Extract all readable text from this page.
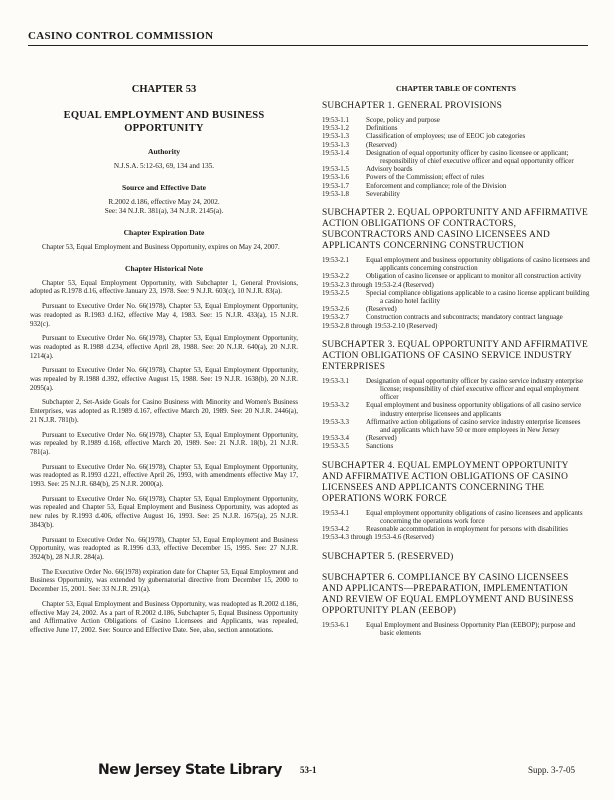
CASINO CONTROL COMMISSION
CHAPTER 53
EQUAL EMPLOYMENT AND BUSINESS
OPPORTUNITY
Authority
N.J.S.A. 5:12-63, 69, 134 and 135.
Source and Effective Date
R.2002 d.186, effective May 24, 2002.
See: 34 N.J.R. 381(a), 34 N.J.R. 2145(a).
Chapter Expiration Date

Chapter 53, Equal Employment and Business Opportunity, expires on May 24, 2007.

Chapter Historical Note

Chapter 53, Equal Employment Opportunity, with Subchapter 1, General Provisions, adopted as R.1978 d.16, effective January 23, 1978. See: 9 N.J.R. 603(c), 10 N.J.R. 83(a).

Pursuant to Executive Order No. 66(1978), Chapter 53, Equal Employment Opportunity, was readopted as R.1983 d.162, effective May 4, 1983. See: 15 N.J.R. 433(a), 15 N.J.R. 932(c).

Pursuant to Executive Order No. 66(1978), Chapter 53, Equal Employment Opportunity, was readopted as R.1988 d.234, effective April 28, 1988. See: 20 N.J.R. 640(a), 20 N.J.R. 1214(a).

Pursuant to Executive Order No. 66(1978), Chapter 53, Equal Employment Opportunity, was repealed by R.1988 d.392, effective August 15, 1988. See: 19 N.J.R. 1638(b), 20 N.J.R. 2095(a).

Subchapter 2, Set-Aside Goals for Casino Business with Minority and Women's Business Enterprises, was adopted as R.1989 d.167, effective March 20, 1989. See: 20 N.J.R. 2446(a), 21 N.J.R. 781(b).

Pursuant to Executive Order No. 66(1978), Chapter 53, Equal Employment Opportunity, was repealed by R.1989 d.168, effective March 20, 1989. See: 21 N.J.R. 18(b), 21 N.J.R. 781(a).

Pursuant to Executive Order No. 66(1978), Chapter 53, Equal Employment Opportunity, was readopted as R.1993 d.221, effective April 26, 1993, with amendments effective May 17, 1993. See: 25 N.J.R. 684(b), 25 N.J.R. 2000(a).

Pursuant to Executive Order No. 66(1978), Chapter 53, Equal Employment Opportunity, was repealed and Chapter 53, Equal Employment and Business Opportunity, was adopted as new rules by R.1993 d.406, effective August 16, 1993. See: 25 N.J.R. 1675(a), 25 N.J.R. 3843(b).

Pursuant to Executive Order No. 66(1978), Chapter 53, Equal Employment and Business Opportunity, was readopted as R.1996 d.33, effective December 15, 1995. See: 27 N.J.R. 3924(b), 28 N.J.R. 284(a).

The Executive Order No. 66(1978) expiration date for Chapter 53, Equal Employment and Business Opportunity, was extended by gubernatorial directive from December 15, 2000 to December 15, 2001. See: 33 N.J.R. 291(a).

Chapter 53, Equal Employment and Business Opportunity, was readopted as R.2002 d.186, effective May 24, 2002. As a part of R.2002 d.186, Subchapter 5, Equal Business Opportunity and Affirmative Action Obligations of Casino Licensees and Applicants, was repealed, effective June 17, 2002. See: Source and Effective Date. See, also, section annotations.

CHAPTER TABLE OF CONTENTS
SUBCHAPTER 1. GENERAL PROVISIONS
19:53-1.1	Scope, policy and purpose
19:53-1.2	Definitions
19:53-1.3	Classification of employees; use of EEOC job categories
19:53-1.3	(Reserved)
19:53-1.4	Designation of equal opportunity officer by casino licensee or applicant; responsibility of chief executive officer and equal opportunity officer
19:53-1.5	Advisory boards
19:53-1.6	Powers of the Commission; effect of rules
19:53-1.7	Enforcement and compliance; role of the Division
19:53-1.8	Severability
SUBCHAPTER 2. EQUAL OPPORTUNITY AND AFFIRMATIVE ACTION OBLIGATIONS OF CONTRACTORS, SUBCONTRACTORS AND CASINO LICENSEES AND APPLICANTS CONCERNING CONSTRUCTION
19:53-2.1	Equal employment and business opportunity obligations of casino licensees and applicants concerning construction
19:53-2.2	Obligation of casino licensee or applicant to monitor all construction activity
19:53-2.3 through 19:53-2.4 (Reserved)
19:53-2.5	Special compliance obligations applicable to a casino license applicant building a casino hotel facility
19:53-2.6	(Reserved)
19:53-2.7	Construction contracts and subcontracts; mandatory contract language
19:53-2.8 through 19:53-2.10 (Reserved)
SUBCHAPTER 3. EQUAL OPPORTUNITY AND AFFIRMATIVE ACTION OBLIGATIONS OF CASINO SERVICE INDUSTRY ENTERPRISES
19:53-3.1	Designation of equal opportunity officer by casino service industry enterprise license; responsibility of chief executive officer and equal employment officer
19:53-3.2	Equal employment and business opportunity obligations of all casino service industry enterprise licensees and applicants
19:53-3.3	Affirmative action obligations of casino service industry enterprise licensees and applicants which have 50 or more employees in New Jersey
19:53-3.4	(Reserved)
19:53-3.5	Sanctions
SUBCHAPTER 4. EQUAL EMPLOYMENT OPPORTUNITY AND AFFIRMATIVE ACTION OBLIGATIONS OF CASINO LICENSEES AND APPLICANTS CONCERNING THE OPERATIONS WORK FORCE
19:53-4.1	Equal employment opportunity obligations of casino licensees and applicants concerning the operations work force
19:53-4.2	Reasonable accommodation in employment for persons with disabilities
19:53-4.3 through 19:53-4.6 (Reserved)
SUBCHAPTER 5. (RESERVED)
SUBCHAPTER 6. COMPLIANCE BY CASINO LICENSEES AND APPLICANTS—PREPARATION, IMPLEMENTATION AND REVIEW OF EQUAL EMPLOYMENT AND BUSINESS OPPORTUNITY PLAN (EEBOP)
19:53-6.1	Equal Employment and Business Opportunity Plan (EEBOP); purpose and basic elements
New Jersey State Library 53-1	Supp. 3-7-05
